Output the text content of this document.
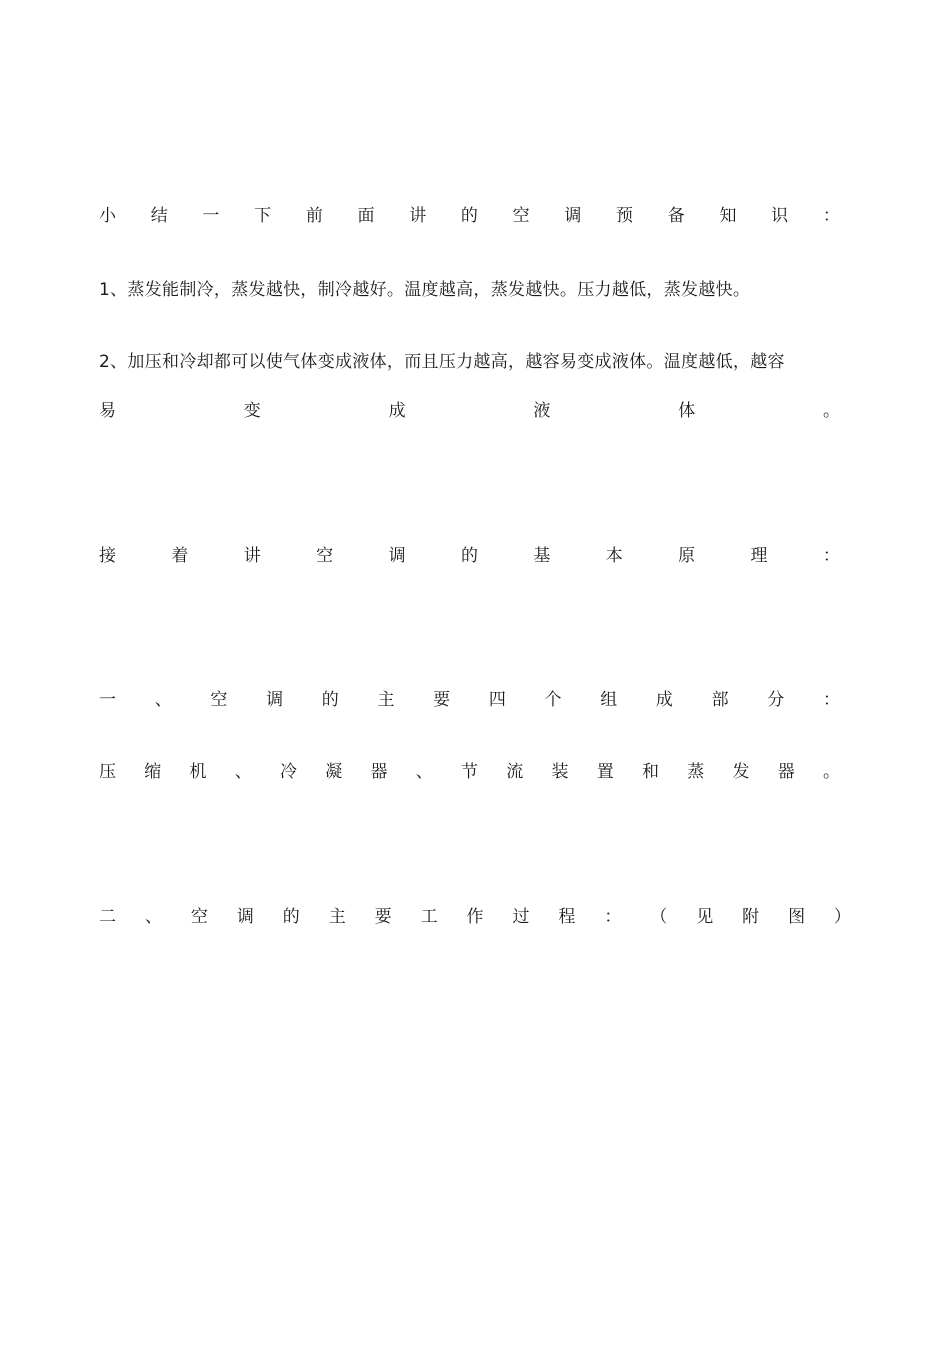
小 结 一 下 前 面 讲 的 空 调 预 备 知 识 ：
1、蒸发能制冷，蒸发越快，制冷越好。温度越高，蒸发越快。压力越低，蒸发越快。
2、加压和冷却都可以使气体变成液体，而且压力越高，越容易变成液体。温度越低，越容
易	变	成	液	体	。
接	着	讲	空	调	的	基	本	原	理	：
一 、 空 调 的 主 要 四 个 组 成 部 分 ：
压 缩 机 、 冷 凝 器 、 节 流 装 置 和 蒸 发 器 。
二 、 空 调 的 主 要 工 作 过 程 ： （ 见 附 图 ）
